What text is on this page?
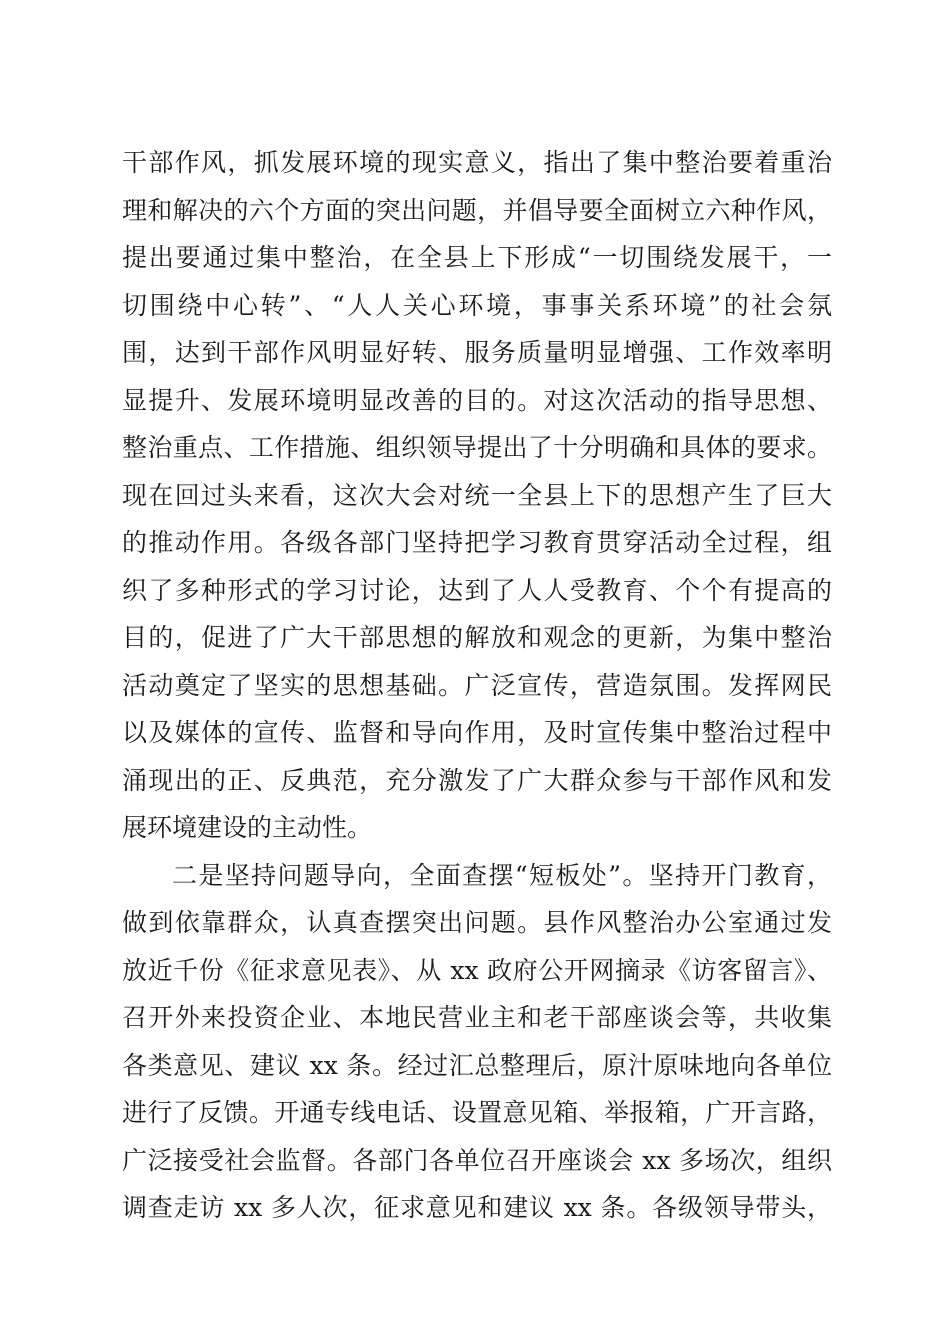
干部作风，抓发展环境的现实意义，指出了集中整治要着重治
理和解决的六个方面的突出问题，并倡导要全面树立六种作风，
提出要通过集中整治，在全县上下形成“一切围绕发展干，一
切围绕中心转”、“人人关心环境，事事关系环境”的社会氛
围，达到干部作风明显好转、服务质量明显增强、工作效率明
显提升、发展环境明显改善的目的。对这次活动的指导思想、
整治重点、工作措施、组织领导提出了十分明确和具体的要求。
现在回过头来看，这次大会对统一全县上下的思想产生了巨大
的推动作用。各级各部门坚持把学习教育贯穿活动全过程，组
织了多种形式的学习讨论，达到了人人受教育、个个有提高的
目的，促进了广大干部思想的解放和观念的更新，为集中整治
活动奠定了坚实的思想基础。广泛宣传，营造氛围。发挥网民
以及媒体的宣传、监督和导向作用，及时宣传集中整治过程中
涌现出的正、反典范，充分激发了广大群众参与干部作风和发
展环境建设的主动性。
二是坚持问题导向，全面查摆“短板处”。坚持开门教育，
做到依靠群众，认真查摆突出问题。县作风整治办公室通过发
放近千份《征求意见表》、从 xx 政府公开网摘录《访客留言》、
召开外来投资企业、本地民营业主和老干部座谈会等，共收集
各类意见、建议 xx 条。经过汇总整理后，原汁原味地向各单位
进行了反馈。开通专线电话、设置意见箱、举报箱，广开言路，
广泛接受社会监督。各部门各单位召开座谈会 xx 多场次，组织
调查走访 xx 多人次，征求意见和建议 xx 条。各级领导带头，
